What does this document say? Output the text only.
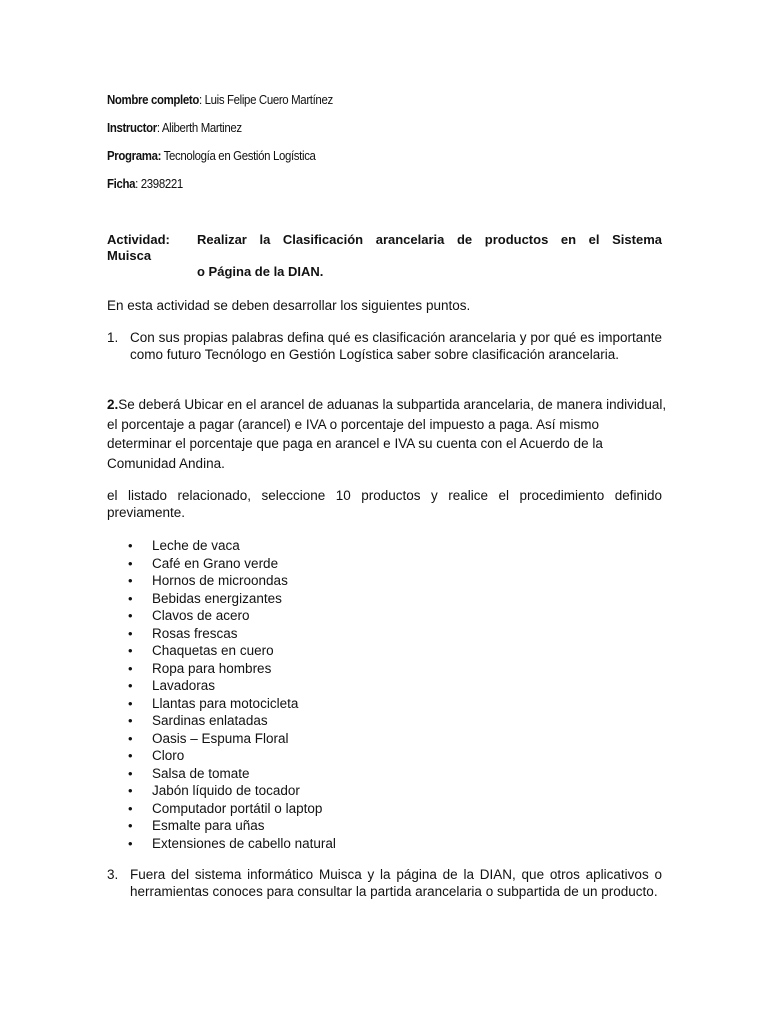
Nombre completo: Luis Felipe Cuero Martínez
Instructor: Aliberth Martinez
Programa: Tecnología en Gestión Logística
Ficha: 2398221
Actividad:	Realizar la Clasificación arancelaria de productos en el Sistema
Muisca
o Página de la DIAN.
En esta actividad se deben desarrollar los siguientes puntos.
1. Con sus propias palabras defina qué es clasificación arancelaria y por qué es importante como futuro Tecnólogo en Gestión Logística saber sobre clasificación arancelaria.
2.Se deberá Ubicar en el arancel de aduanas la subpartida arancelaria, de manera individual, el porcentaje a pagar (arancel) e IVA o porcentaje del impuesto a paga. Así mismo determinar el porcentaje que paga en arancel e IVA su cuenta con el Acuerdo de la Comunidad Andina.
el listado relacionado, seleccione 10 productos y realice el procedimiento definido previamente.
•	Leche de vaca
•	Café en Grano verde
•	Hornos de microondas
•	Bebidas energizantes
•	Clavos de acero
•	Rosas frescas
•	Chaquetas en cuero
•	Ropa para hombres
•	Lavadoras
•	Llantas para motocicleta
•	Sardinas enlatadas
•	Oasis – Espuma Floral
•	Cloro
•	Salsa de tomate
•	Jabón líquido de tocador
•	Computador portátil o laptop
•	Esmalte para uñas
•	Extensiones de cabello natural
3. Fuera del sistema informático Muisca y la página de la DIAN, que otros aplicativos o herramientas conoces para consultar la partida arancelaria o subpartida de un producto.
